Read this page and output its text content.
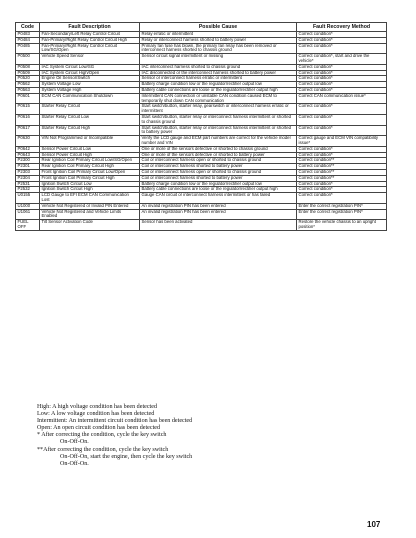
Code	Fault Description	Possible Cause	Fault Recovery Method
P0483	Fan-Secondary/Left Relay Control Circuit	Relay erratic or intermittent	Correct condition*
P0484	Fan-Primary/Right Relay Control Circuit High	Relay or interconnect harness shorted to battery power	Correct condition*
P0485	Fan-Primary/Right Relay Control Circuit Low/SG/Open	Primary fan fuse has blown, the primary fan relay has been removed or interconnect harness shorted to chassis ground	Correct condition*
P0500	Vehicle Speed Sensor	Sensor circuit signal intermittent or missing	Correct condition*, start and drive the vehicle*
P0508	IAC System Circuit Low/SG	IAC interconnect harness shorted to chassis ground	Correct condition*
P0509	IAC System Circuit High/Open	IAC disconnected or the interconnect harness shorted to battery power	Correct condition*
P0520	Engine Oil Sensor/Switch	Sensor or interconnect harness erratic or intermittent	Correct condition*
P0562	System Voltage Low	Battery charge condition low or the regulator/rectifier output low	Correct condition*
P0563	System Voltage High	Battery cable connections are loose or the regulator/rectifier output high	Correct condition*
P0601	ECM CAN Communication Shutdown	Intermittent CAN connection or unstable CAN condition caused ECM to temporarily shut down CAN communication	Correct CAN communication issue*
P0615	Starter Relay Circuit	Start switch/button, starter relay, gearswitch or interconnect harness erratic or intermittent	Correct condition*
P0616	Starter Relay Circuit Low	Start switch/button, starter relay or interconnect harness intermittent or shorted to chassis ground	Correct condition*
P0617	Starter Relay Circuit High	Start switch/button, starter relay or interconnect harness intermittent or shorted to battery power	Correct condition*
P0630	VIN Not Programmed or Incompatible	Verify the LCD gauge and ECM part numbers are correct for the vehicle model number and VIN	Correct gauge and ECM VIN compatibility issue*
P0642	Sensor Power Circuit Low	One or more of the sensors defective or shorted to chassis ground	Correct condition*
P0643	Sensor Power Circuit High	One or more of the sensors defective or shorted to battery power	Correct condition*
P2300	Rear Ignition Coil Primary Circuit Low/SG/Open	Coil or interconnect harness open or shorted to chassis ground	Correct condition**
P2301	Rear Ignition Coil Primary Circuit High	Coil or interconnect harness shorted to battery power	Correct condition**
P2303	Front Ignition Coil Primary Circuit Low/Open	Coil or interconnect harness open or shorted to chassis ground	Correct condition**
P2304	Front Ignition Coil Primary Circuit High	Coil or interconnect harness shorted to battery power	Correct condition**
P2531	Ignition Switch Circuit Low	Battery charge condition low or the regulator/rectifier output low	Correct condition*
P2532	Ignition Switch Circuit High	Battery cable connections are loose or the regulator/rectifier output high	Correct condition*
U0155	LCD Gauge to EFI ECM CAN Communication Lost	Gauge CAN circuit or interconnect harness intermittent or has failed	Correct condition*
U1000	Vehicle Not Registered or Invalid PIN Entered	An invalid registration PIN has been entered	Enter the correct registration PIN*
U1061	Vehicle Not Registered and Vehicle Limits Enabled	An invalid registration PIN has been entered	Enter the correct registration PIN*
FUEL OFF	Tilt Sensor Activation Code	Sensor has been activated	Restore the vehicle chassis to an upright position*
High: A high voltage condition has been detected
Low: A low voltage condition has been detected
Intermittent: An intermittent circuit condition has been detected
Open: An open circuit condition has been detected
* After correcting the condition, cycle the key switch
On-Off-On.
**After correcting the condition, cycle the key switch
On-Off-On, start the engine, then cycle the key switch
On-Off-On.
107
